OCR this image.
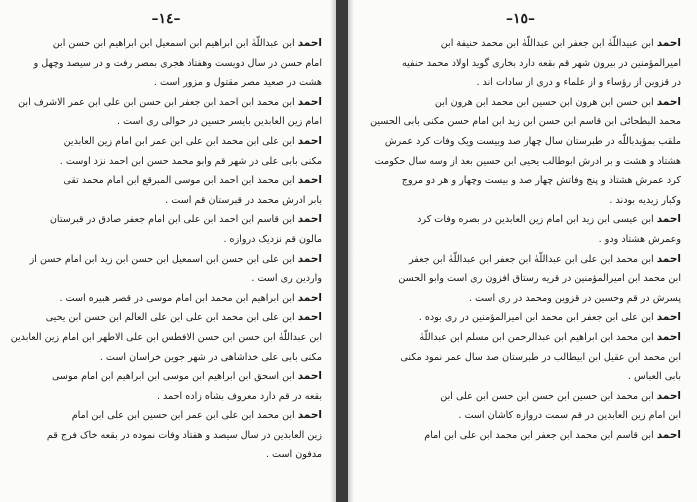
–١٤–
احمدابن عبداللّهٰ ابن ابراهیم ابن اسمعیل ابن ابراهیم ابن حسن ابن
امام حسن در سال دویست وهفتاد هجری بمصر رفت و در سیصد وچهل و
هشت در صعید مصر مقتول و مزور است .
احمدابن محمد ابن احمد ابن جعفر ابن حسن ابن علی ابن عمر الاشرف ابن
امام زین العابدین بایسر حسین در حوالی ری است .
احمدابن علی ابن محمد ابن علی ابن عمر ابن امام زین العابدین
مکنی بابی علی در شهر قم وابو محمد حسن ابن احمد نزد اوست .
احمدابن محمد ابن احمد ابن موسی المبرقع ابن امام محمد تقی
بابر ادرش محمد در قبرستان قم است .
احمدابن قاسم ابن احمد ابن علی ابن امام جعفر صادق در قبرستان
مالون قم نزدیک دروازه .
احمدابن علی ابن حسن ابن اسمعیل ابن حسن ابن زید ابن امام حسن از
واردین ری است .
احمدابن ابراهیم ابن محمد ابن امام موسی در قصر هبیره است .
احمدابن علی ابن محمد ابن علی ابن علی العالم ابن حسن ابن یحیی
ابن عبداللّهٰ ابن حسن ابن حسن الافطس ابن علی الاطهر ابن امام زین العابدین
مکنی بابی علی خداشاهی در شهر جوین خراسان است .
احمدابن اسحق ابن ابراهیم ابن موسی ابن ابراهیم ابن امام موسی
بقعه در قم دارد معروف بشاه زاده احمد .
احمدابن محمد ابن علی ابن عمر ابن حسین ابن علی ابن امام
زین العابدین در سال سیصد و هفتاد وفات نموده در بقعه خاک فرج قم
مدفون است .
–١٥–
احمدابن عبیداللّهٰ ابن جعفر ابن عبداللّهٰ ابن محمد حنیفة ابن
امیرالمؤمنین در بیرون شهر قم بقعه دارد بخاری گوید اولاد محمد حنفیه
در قزوین از رؤساء و از علماء و دری از سادات اند .
احمدابن حسن ابن هرون ابن حسین ابن محمد ابن هرون ابن
محمد البطحائی ابن قاسم ابن حسن ابن زید ابن امام حسن مکنی بابی الحسین
ملقب بمؤیدباللّه در طبرستان سال چهار صد وبیست ویک وفات کرد عمرش
هشتاد و هشت و بر ادرش ابوطالب یحیی ابن حسین بعد از وسه سال حکومت
کرد عمرش هشتاد و پنج وفاتش چهار صد و بیست وچهار و هر دو مروج
وکبار زیدیه بودند .
احمدابن عیسی ابن زید ابن امام زین العابدین در بصره وفات کرد
وعمرش هشتاد ودو .
احمدابن محمد ابن علی ابن عبداللّهٰ ابن جعفر ابن عبداللّهٰ ابن جعفر
ابن محمد ابن امیرالمؤمنین در قریه رستاق افزون ری است وابو الحسن
پسرش در قم وحسین در قزوین ومحمد در ری است .
احمدابن علی ابن جعفر ابن محمد ابن امیرالمؤمنین در ری بوده .
احمدابن محمد ابن ابراهیم ابن عبدالرحمن ابن مسلم ابن عبداللّهٰ
ابن محمد ابن عقیل ابن ابیطالب در طبرستان صد سال عمر نمود مکنی
بابی العباس .
احمدابن محمد ابن حسین ابن حسن ابن حسن ابن علی ابن
ابن امام زین العابدین در قم سمت دروازه کاشان است .
احمدابن قاسم ابن محمد ابن جعفر ابن محمد ابن علی ابن امام
